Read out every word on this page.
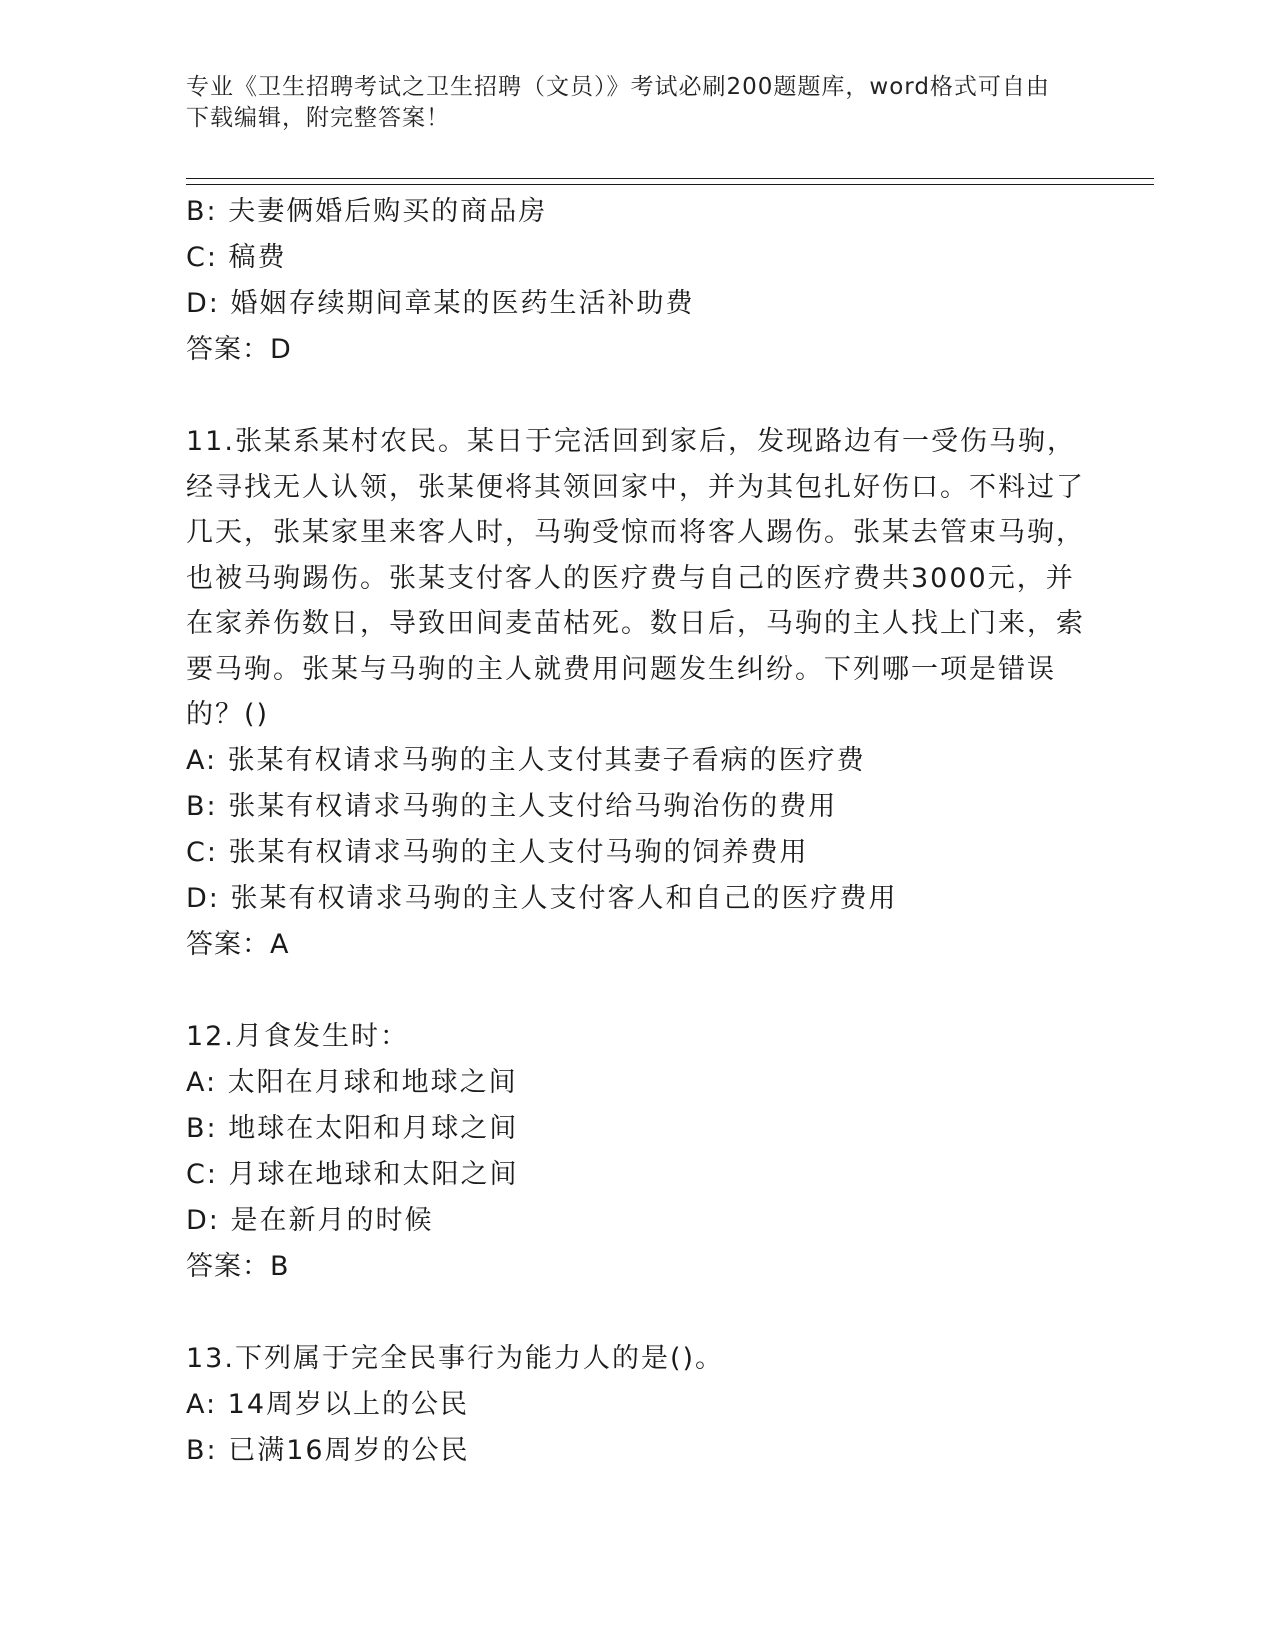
专业《卫生招聘考试之卫生招聘（文员）》考试必刷200题题库，word格式可自由下载编辑，附完整答案！
B: 夫妻俩婚后购买的商品房
C: 稿费
D: 婚姻存续期间章某的医药生活补助费
答案：D
11.张某系某村农民。某日于完活回到家后，发现路边有一受伤马驹，经寻找无人认领，张某便将其领回家中，并为其包扎好伤口。不料过了几天，张某家里来客人时，马驹受惊而将客人踢伤。张某去管束马驹，也被马驹踢伤。张某支付客人的医疗费与自己的医疗费共3000元，并在家养伤数日，导致田间麦苗枯死。数日后，马驹的主人找上门来，索要马驹。张某与马驹的主人就费用问题发生纠纷。下列哪一项是错误的？()
A: 张某有权请求马驹的主人支付其妻子看病的医疗费
B: 张某有权请求马驹的主人支付给马驹治伤的费用
C: 张某有权请求马驹的主人支付马驹的饲养费用
D: 张某有权请求马驹的主人支付客人和自己的医疗费用
答案：A
12.月食发生时：
A: 太阳在月球和地球之间
B: 地球在太阳和月球之间
C: 月球在地球和太阳之间
D: 是在新月的时候
答案：B
13.下列属于完全民事行为能力人的是()。
A: 14周岁以上的公民
B: 已满16周岁的公民
